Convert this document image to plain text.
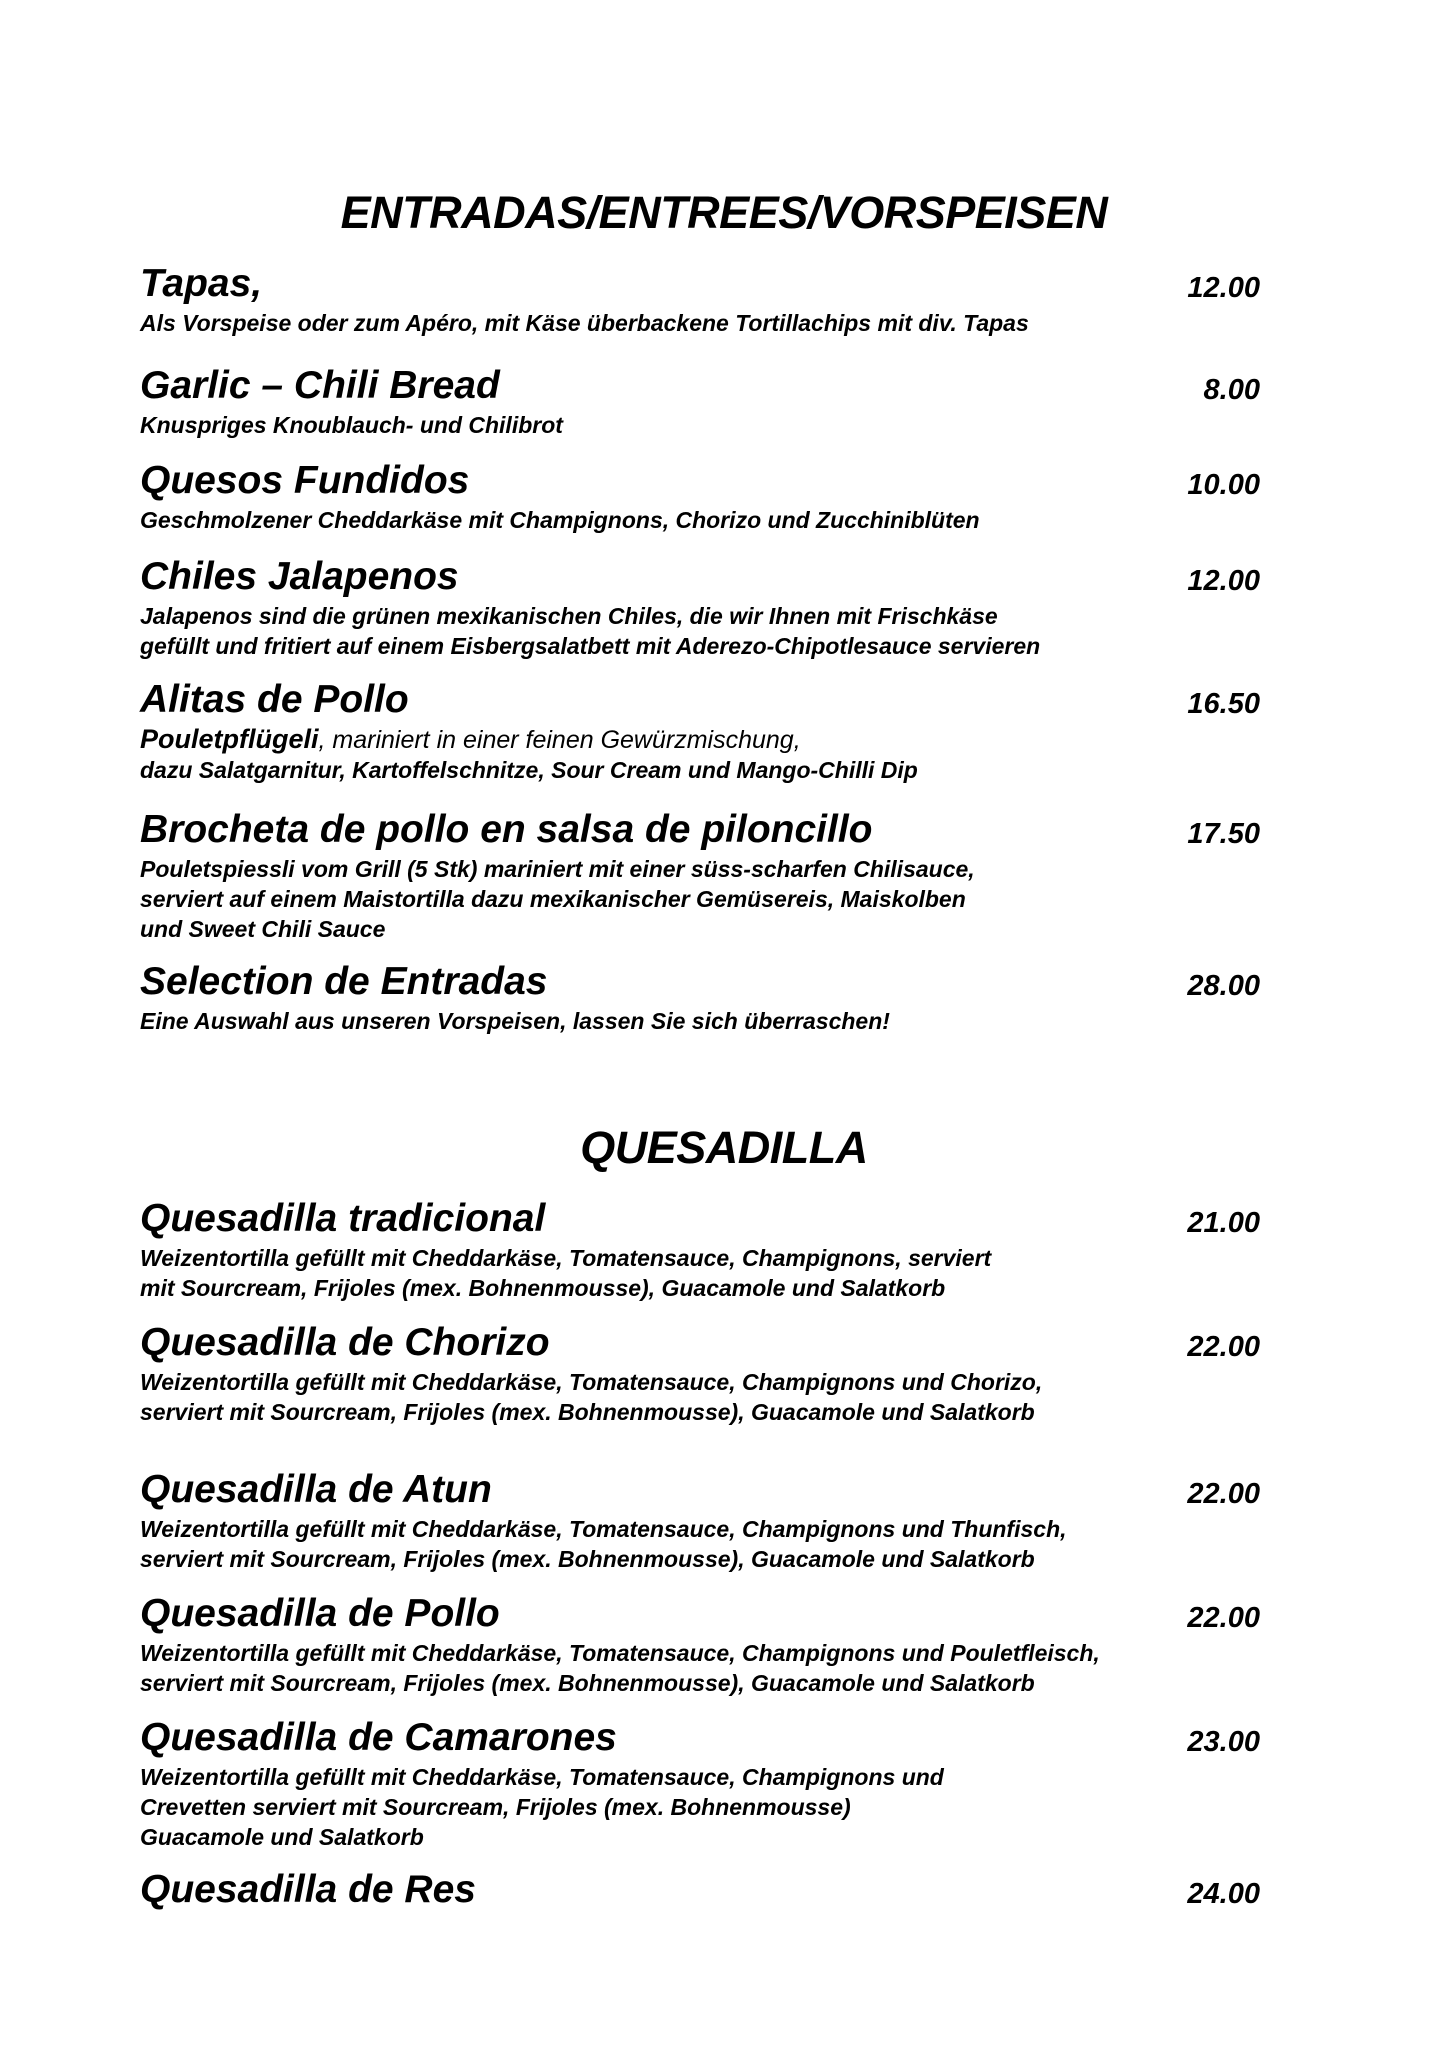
ENTRADAS/ENTREES/VORSPEISEN
Tapas,	12.00
Als Vorspeise oder zum Apéro, mit Käse überbackene Tortillachips mit div. Tapas
Garlic – Chili Bread	8.00
Knuspriges Knoublauch- und Chilibrot
Quesos Fundidos	10.00
Geschmolzener Cheddarkäse mit Champignons, Chorizo und Zucchiniblüten
Chiles Jalapenos	12.00
Jalapenos sind die grünen mexikanischen Chiles, die wir Ihnen mit Frischkäse
gefüllt und fritiert auf einem Eisbergsalatbett mit Aderezo-Chipotlesauce servieren
Alitas de Pollo	16.50
Pouletpflügeli, mariniert in einer feinen Gewürzmischung,
dazu Salatgarnitur, Kartoffelschnitze, Sour Cream und Mango-Chilli Dip
Brocheta de pollo en salsa de piloncillo	17.50
Pouletspiessli vom Grill (5 Stk) mariniert mit einer süss-scharfen Chilisauce,
serviert auf einem Maistortilla dazu mexikanischer Gemüsereis, Maiskolben
und Sweet Chili Sauce
Selection de Entradas	28.00
Eine Auswahl aus unseren Vorspeisen, lassen Sie sich überraschen!
QUESADILLA
Quesadilla tradicional	21.00
Weizentortilla gefüllt mit Cheddarkäse, Tomatensauce, Champignons, serviert
mit Sourcream, Frijoles (mex. Bohnenmousse), Guacamole und Salatkorb
Quesadilla de Chorizo	22.00
Weizentortilla gefüllt mit Cheddarkäse, Tomatensauce, Champignons und Chorizo,
serviert mit Sourcream, Frijoles (mex. Bohnenmousse), Guacamole und Salatkorb
Quesadilla de Atun	22.00
Weizentortilla gefüllt mit Cheddarkäse, Tomatensauce, Champignons und Thunfisch,
serviert mit Sourcream, Frijoles (mex. Bohnenmousse), Guacamole und Salatkorb
Quesadilla de Pollo	22.00
Weizentortilla gefüllt mit Cheddarkäse, Tomatensauce, Champignons und Pouletfleisch,
serviert mit Sourcream, Frijoles (mex. Bohnenmousse), Guacamole und Salatkorb
Quesadilla de Camarones	23.00
Weizentortilla gefüllt mit Cheddarkäse, Tomatensauce, Champignons und
Crevetten serviert mit Sourcream, Frijoles (mex. Bohnenmousse)
Guacamole und Salatkorb
Quesadilla de Res	24.00
